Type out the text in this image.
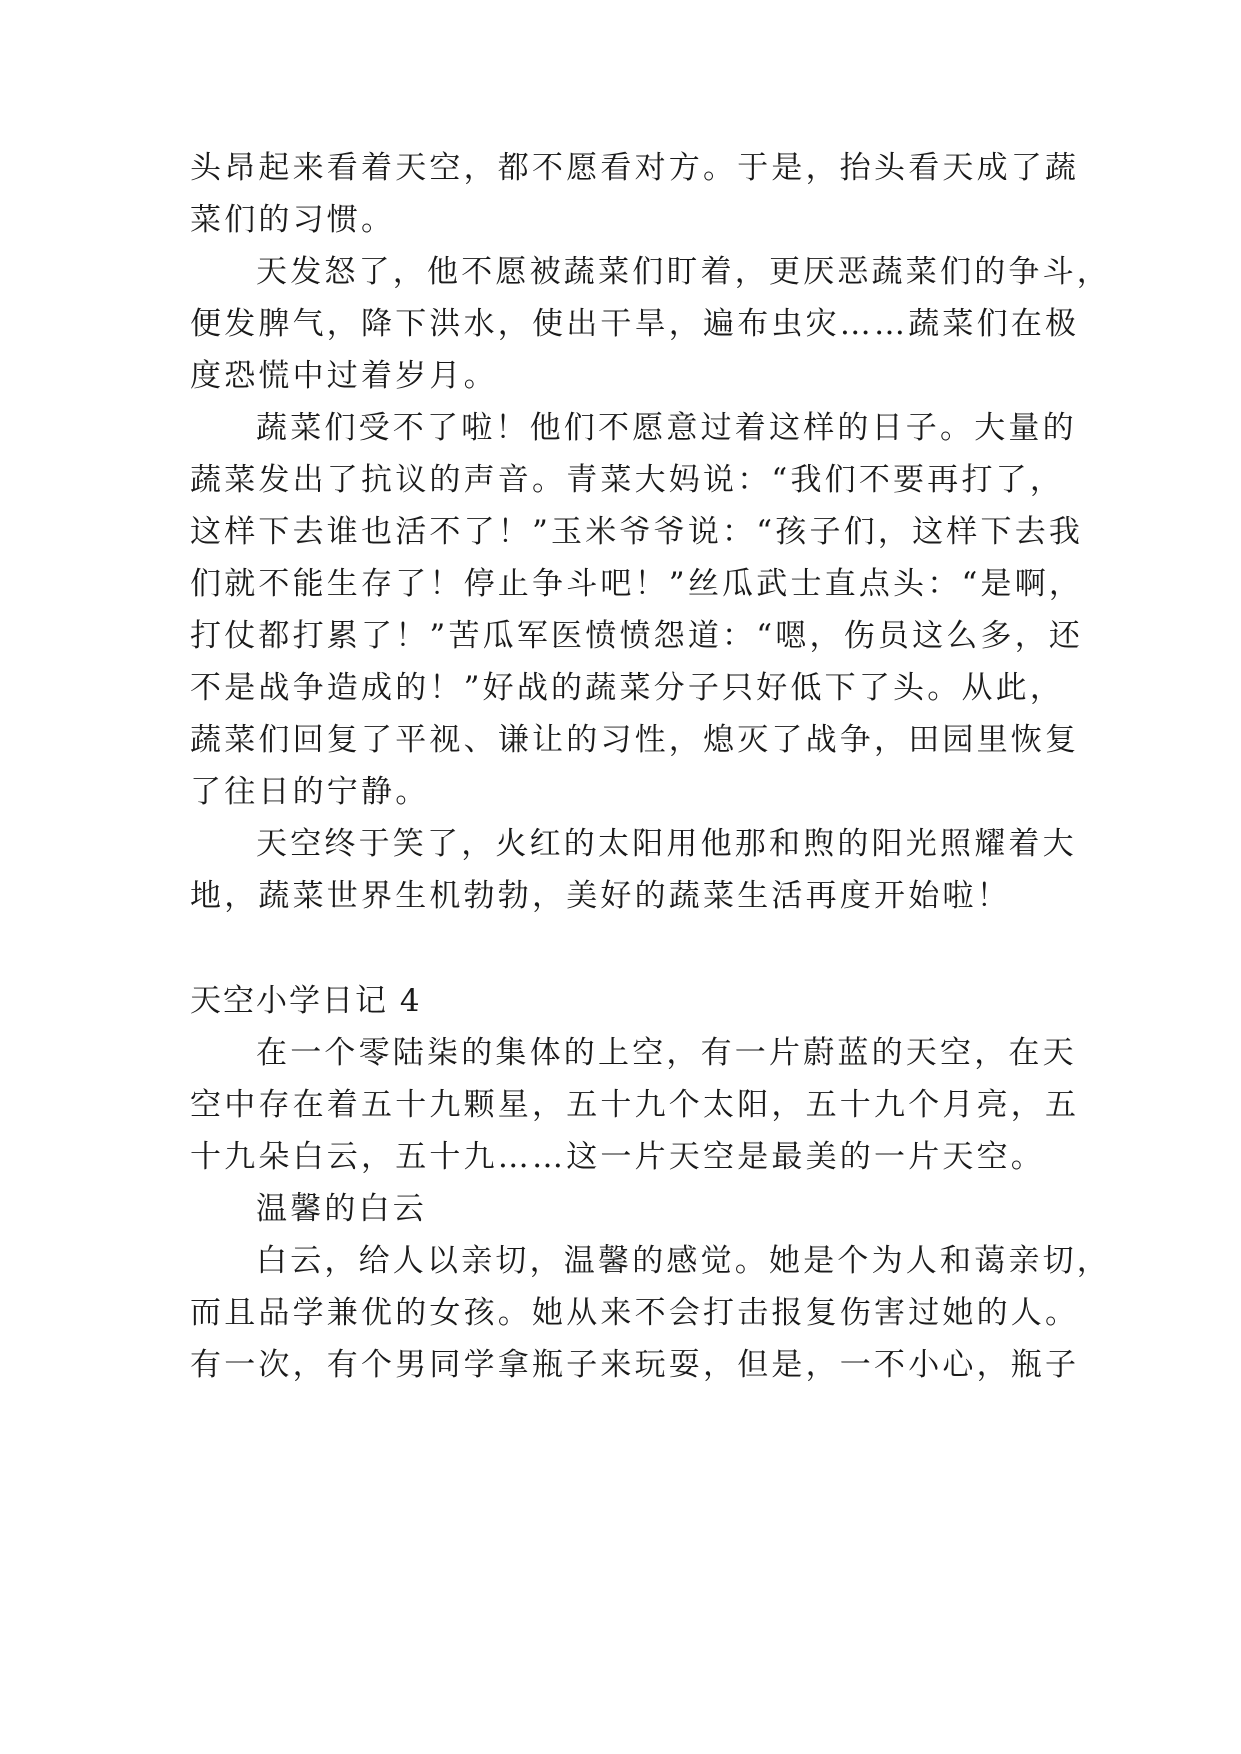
头昂起来看着天空，都不愿看对方。于是，抬头看天成了蔬
菜们的习惯。
天发怒了，他不愿被蔬菜们盯着，更厌恶蔬菜们的争斗，
便发脾气，降下洪水，使出干旱，遍布虫灾……蔬菜们在极
度恐慌中过着岁月。
蔬菜们受不了啦！他们不愿意过着这样的日子。大量的
蔬菜发出了抗议的声音。青菜大妈说：“我们不要再打了，
这样下去谁也活不了！”玉米爷爷说：“孩子们，这样下去我
们就不能生存了！停止争斗吧！”丝瓜武士直点头：“是啊，
打仗都打累了！”苦瓜军医愤愤怨道：“嗯，伤员这么多，还
不是战争造成的！”好战的蔬菜分子只好低下了头。从此，
蔬菜们回复了平视、谦让的习性，熄灭了战争，田园里恢复
了往日的宁静。
天空终于笑了，火红的太阳用他那和煦的阳光照耀着大
地，蔬菜世界生机勃勃，美好的蔬菜生活再度开始啦！
天空小学日记 4
在一个零陆柒的集体的上空，有一片蔚蓝的天空，在天
空中存在着五十九颗星，五十九个太阳，五十九个月亮，五
十九朵白云，五十九……这一片天空是最美的一片天空。
温馨的白云
白云，给人以亲切，温馨的感觉。她是个为人和蔼亲切，
而且品学兼优的女孩。她从来不会打击报复伤害过她的人。
有一次，有个男同学拿瓶子来玩耍，但是，一不小心，瓶子
